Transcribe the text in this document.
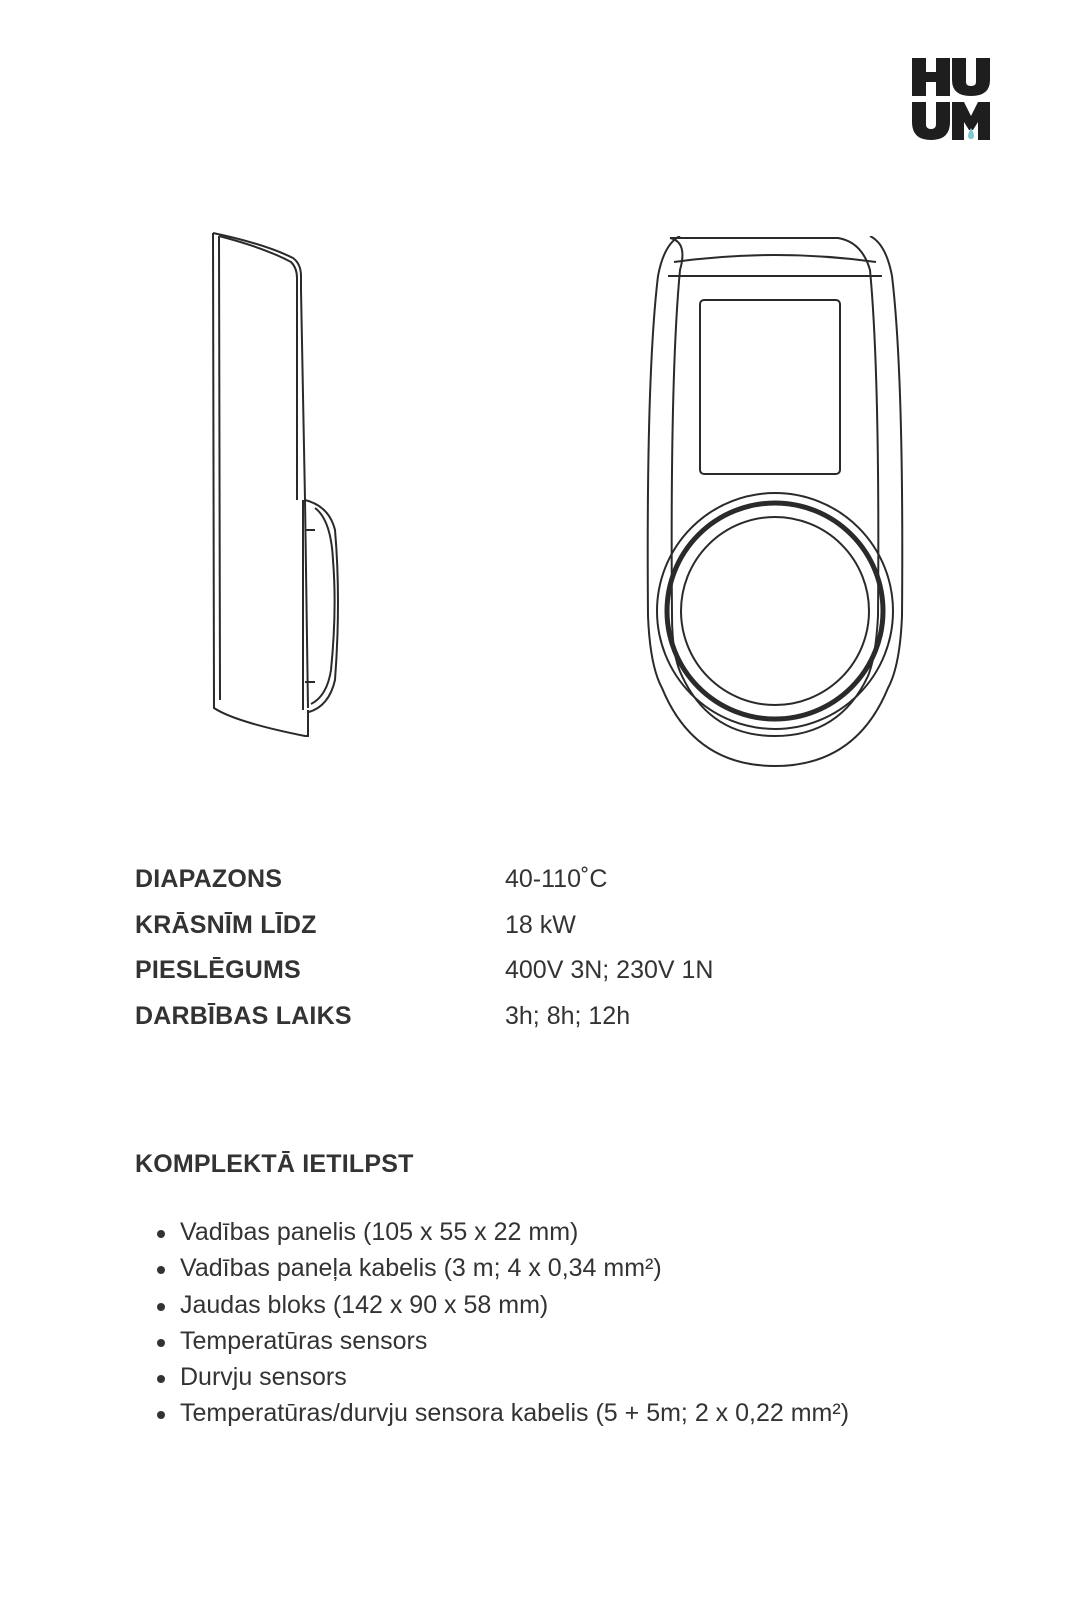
DIAPAZONS	40-110˚C
KRĀSNĪM LĪDZ	18 kW
PIESLĒGUMS	400V 3N; 230V 1N
DARBĪBAS LAIKS	3h; 8h; 12h
KOMPLEKTĀ IETILPST
Vadības panelis (105 x 55 x 22 mm)
Vadības paneļa kabelis (3 m; 4 x 0,34 mm²)
Jaudas bloks (142 x 90 x 58 mm)
Temperatūras sensors
Durvju sensors
Temperatūras/durvju sensora kabelis (5 + 5m; 2 x 0,22 mm²)
